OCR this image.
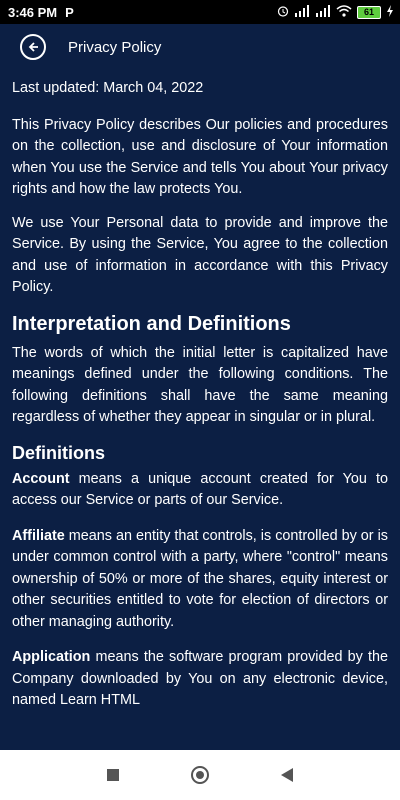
3:46 PM P	61
Privacy Policy

Last updated: March 04, 2022

This Privacy Policy describes Our policies and procedures on the collection, use and disclosure of Your information when You use the Service and tells You about Your privacy rights and how the law protects You.

We use Your Personal data to provide and improve the Service. By using the Service, You agree to the collection and use of information in accordance with this Privacy Policy.

Interpretation and Definitions

The words of which the initial letter is capitalized have meanings defined under the following conditions. The following definitions shall have the same meaning regardless of whether they appear in singular or in plural.

Definitions
• Account means a unique account created for You to access our Service or parts of our Service.
• Affiliate means an entity that controls, is controlled by or is under common control with a party, where "control" means ownership of 50% or more of the shares, equity interest or other securities entitled to vote for election of directors or other managing authority.
• Application means the software program provided by the Company downloaded by You on any electronic device, named Learn HTML
